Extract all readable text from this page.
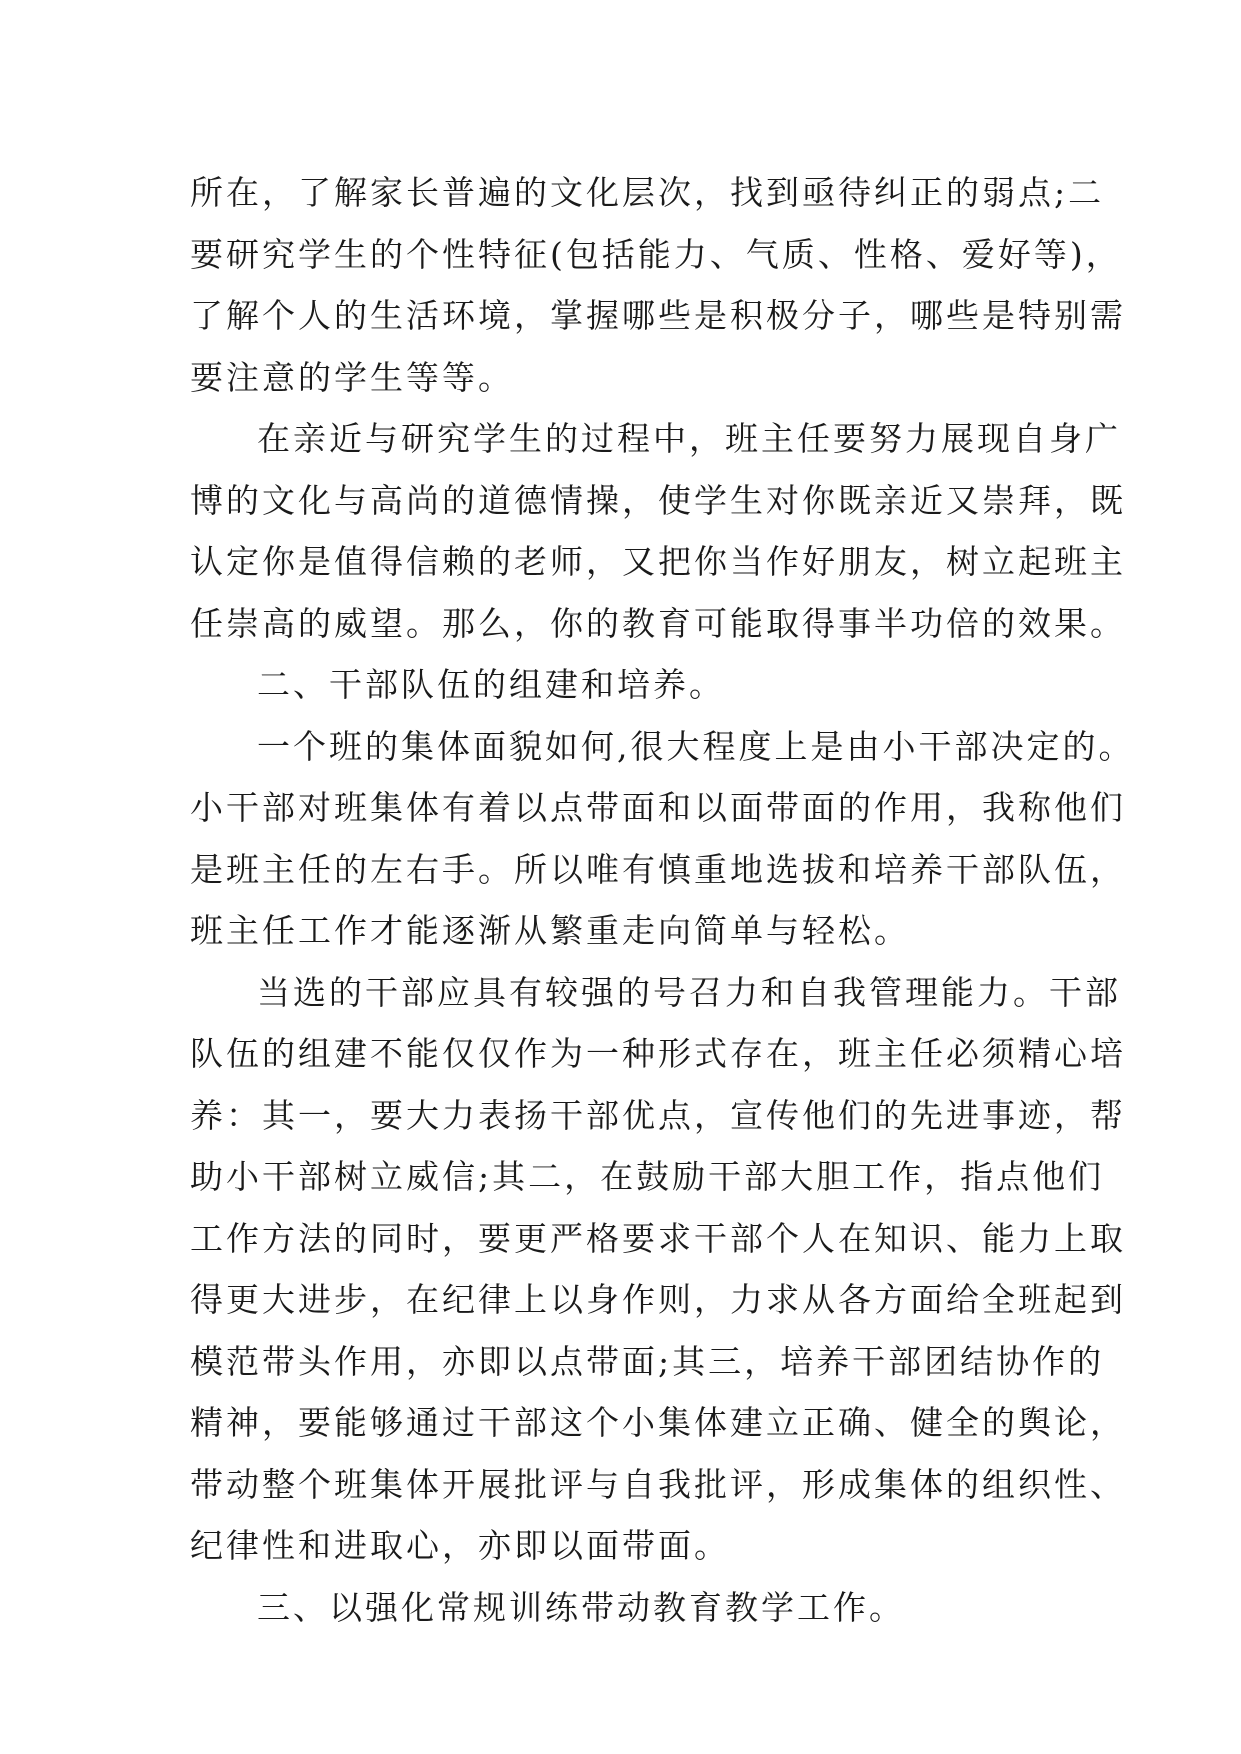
所在，了解家长普遍的文化层次，找到亟待纠正的弱点;二
要研究学生的个性特征(包括能力、气质、性格、爱好等)，
了解个人的生活环境，掌握哪些是积极分子，哪些是特别需
要注意的学生等等。
在亲近与研究学生的过程中，班主任要努力展现自身广
博的文化与高尚的道德情操，使学生对你既亲近又崇拜，既
认定你是值得信赖的老师，又把你当作好朋友，树立起班主
任崇高的威望。那么，你的教育可能取得事半功倍的效果。
二、干部队伍的组建和培养。
一个班的集体面貌如何,很大程度上是由小干部决定的。
小干部对班集体有着以点带面和以面带面的作用，我称他们
是班主任的左右手。所以唯有慎重地选拔和培养干部队伍，
班主任工作才能逐渐从繁重走向简单与轻松。
当选的干部应具有较强的号召力和自我管理能力。干部
队伍的组建不能仅仅作为一种形式存在，班主任必须精心培
养：其一，要大力表扬干部优点，宣传他们的先进事迹，帮
助小干部树立威信;其二，在鼓励干部大胆工作，指点他们
工作方法的同时，要更严格要求干部个人在知识、能力上取
得更大进步，在纪律上以身作则，力求从各方面给全班起到
模范带头作用，亦即以点带面;其三，培养干部团结协作的
精神，要能够通过干部这个小集体建立正确、健全的舆论，
带动整个班集体开展批评与自我批评，形成集体的组织性、
纪律性和进取心，亦即以面带面。
三、以强化常规训练带动教育教学工作。
